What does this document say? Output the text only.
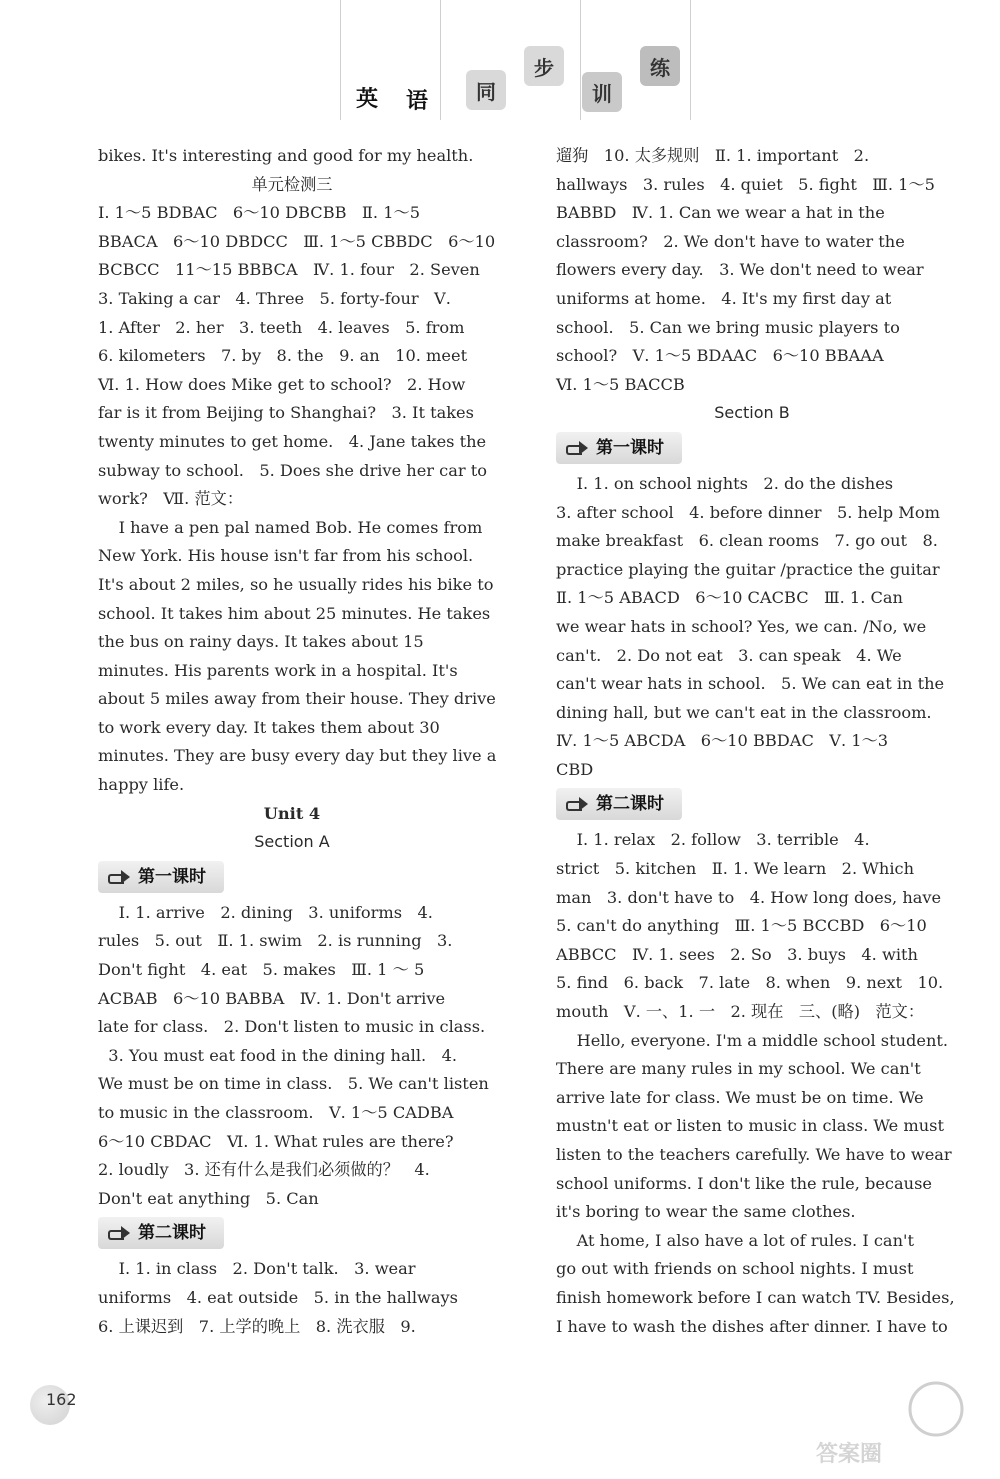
英 语 同
步
训
练

bikes. It's interesting and good for my health.

单元检测三

Ⅰ. 1～5 BDBAC   6～10 DBCBB   Ⅱ. 1～5

BBACA   6～10 DBDCC   Ⅲ. 1～5 CBBDC   6～10

BCBCC   11～15 BBBCA   Ⅳ. 1. four   2. Seven

3. Taking a car   4. Three   5. forty-four   Ⅴ.

1. After   2. her   3. teeth   4. leaves   5. from

6. kilometers   7. by   8. the   9. an   10. meet

Ⅵ. 1. How does Mike get to school?   2. How

far is it from Beijing to Shanghai?   3. It takes

twenty minutes to get home.   4. Jane takes the

subway to school.   5. Does she drive her car to

work?   Ⅶ. 范文：

I have a pen pal named Bob. He comes from

New York. His house isn't far from his school.

It's about 2 miles, so he usually rides his bike to

school. It takes him about 25 minutes. He takes

the bus on rainy days. It takes about 15

minutes. His parents work in a hospital. It's

about 5 miles away from their house. They drive

to work every day. It takes them about 30

minutes. They are busy every day but they live a

happy life.

Unit 4

Section A

第一课时

Ⅰ. 1. arrive   2. dining   3. uniforms   4.

rules   5. out   Ⅱ. 1. swim   2. is running   3.

Don't fight   4. eat   5. makes   Ⅲ. 1 ～ 5

ACBAB   6～10 BABBA   Ⅳ. 1. Don't arrive

late for class.   2. Don't listen to music in class.

3. You must eat food in the dining hall.   4.

We must be on time in class.   5. We can't listen

to music in the classroom.   Ⅴ. 1～5 CADBA

6～10 CBDAC   Ⅵ. 1. What rules are there?

2. loudly   3. 还有什么是我们必须做的？   4.

Don't eat anything   5. Can

第二课时

Ⅰ. 1. in class   2. Don't talk.   3. wear

uniforms   4. eat outside   5. in the hallways

6. 上课迟到   7. 上学的晚上   8. 洗衣服   9.

遛狗   10. 太多规则   Ⅱ. 1. important   2.

hallways   3. rules   4. quiet   5. fight   Ⅲ. 1～5

BABBD   Ⅳ. 1. Can we wear a hat in the

classroom?   2. We don't have to water the

flowers every day.   3. We don't need to wear

uniforms at home.   4. It's my first day at

school.   5. Can we bring music players to

school?   Ⅴ. 1～5 BDAAC   6～10 BBAAA

Ⅵ. 1～5 BACCB

Section B

第一课时

Ⅰ. 1. on school nights   2. do the dishes

3. after school   4. before dinner   5. help Mom

make breakfast   6. clean rooms   7. go out   8.

practice playing the guitar /practice the guitar

Ⅱ. 1～5 ABACD   6～10 CACBC   Ⅲ. 1. Can

we wear hats in school? Yes, we can. /No, we

can't.   2. Do not eat   3. can speak   4. We

can't wear hats in school.   5. We can eat in the

dining hall, but we can't eat in the classroom.

Ⅳ. 1～5 ABCDA   6～10 BBDAC   Ⅴ. 1～3

CBD

第二课时

Ⅰ. 1. relax   2. follow   3. terrible   4.

strict   5. kitchen   Ⅱ. 1. We learn   2. Which

man   3. don't have to   4. How long does, have

5. can't do anything   Ⅲ. 1～5 BCCBD   6～10

ABBCC   Ⅳ. 1. sees   2. So   3. buys   4. with

5. find   6. back   7. late   8. when   9. next   10.

mouth   Ⅴ. 一、1. 一   2. 现在   三、(略)   范文：

Hello, everyone. I'm a middle school student.

There are many rules in my school. We can't

arrive late for class. We must be on time. We

mustn't eat or listen to music in class. We must

listen to the teachers carefully. We have to wear

school uniforms. I don't like the rule, because

it's boring to wear the same clothes.

At home, I also have a lot of rules. I can't

go out with friends on school nights. I must

finish homework before I can watch TV. Besides,

I have to wash the dishes after dinner. I have to

162
答案圈
